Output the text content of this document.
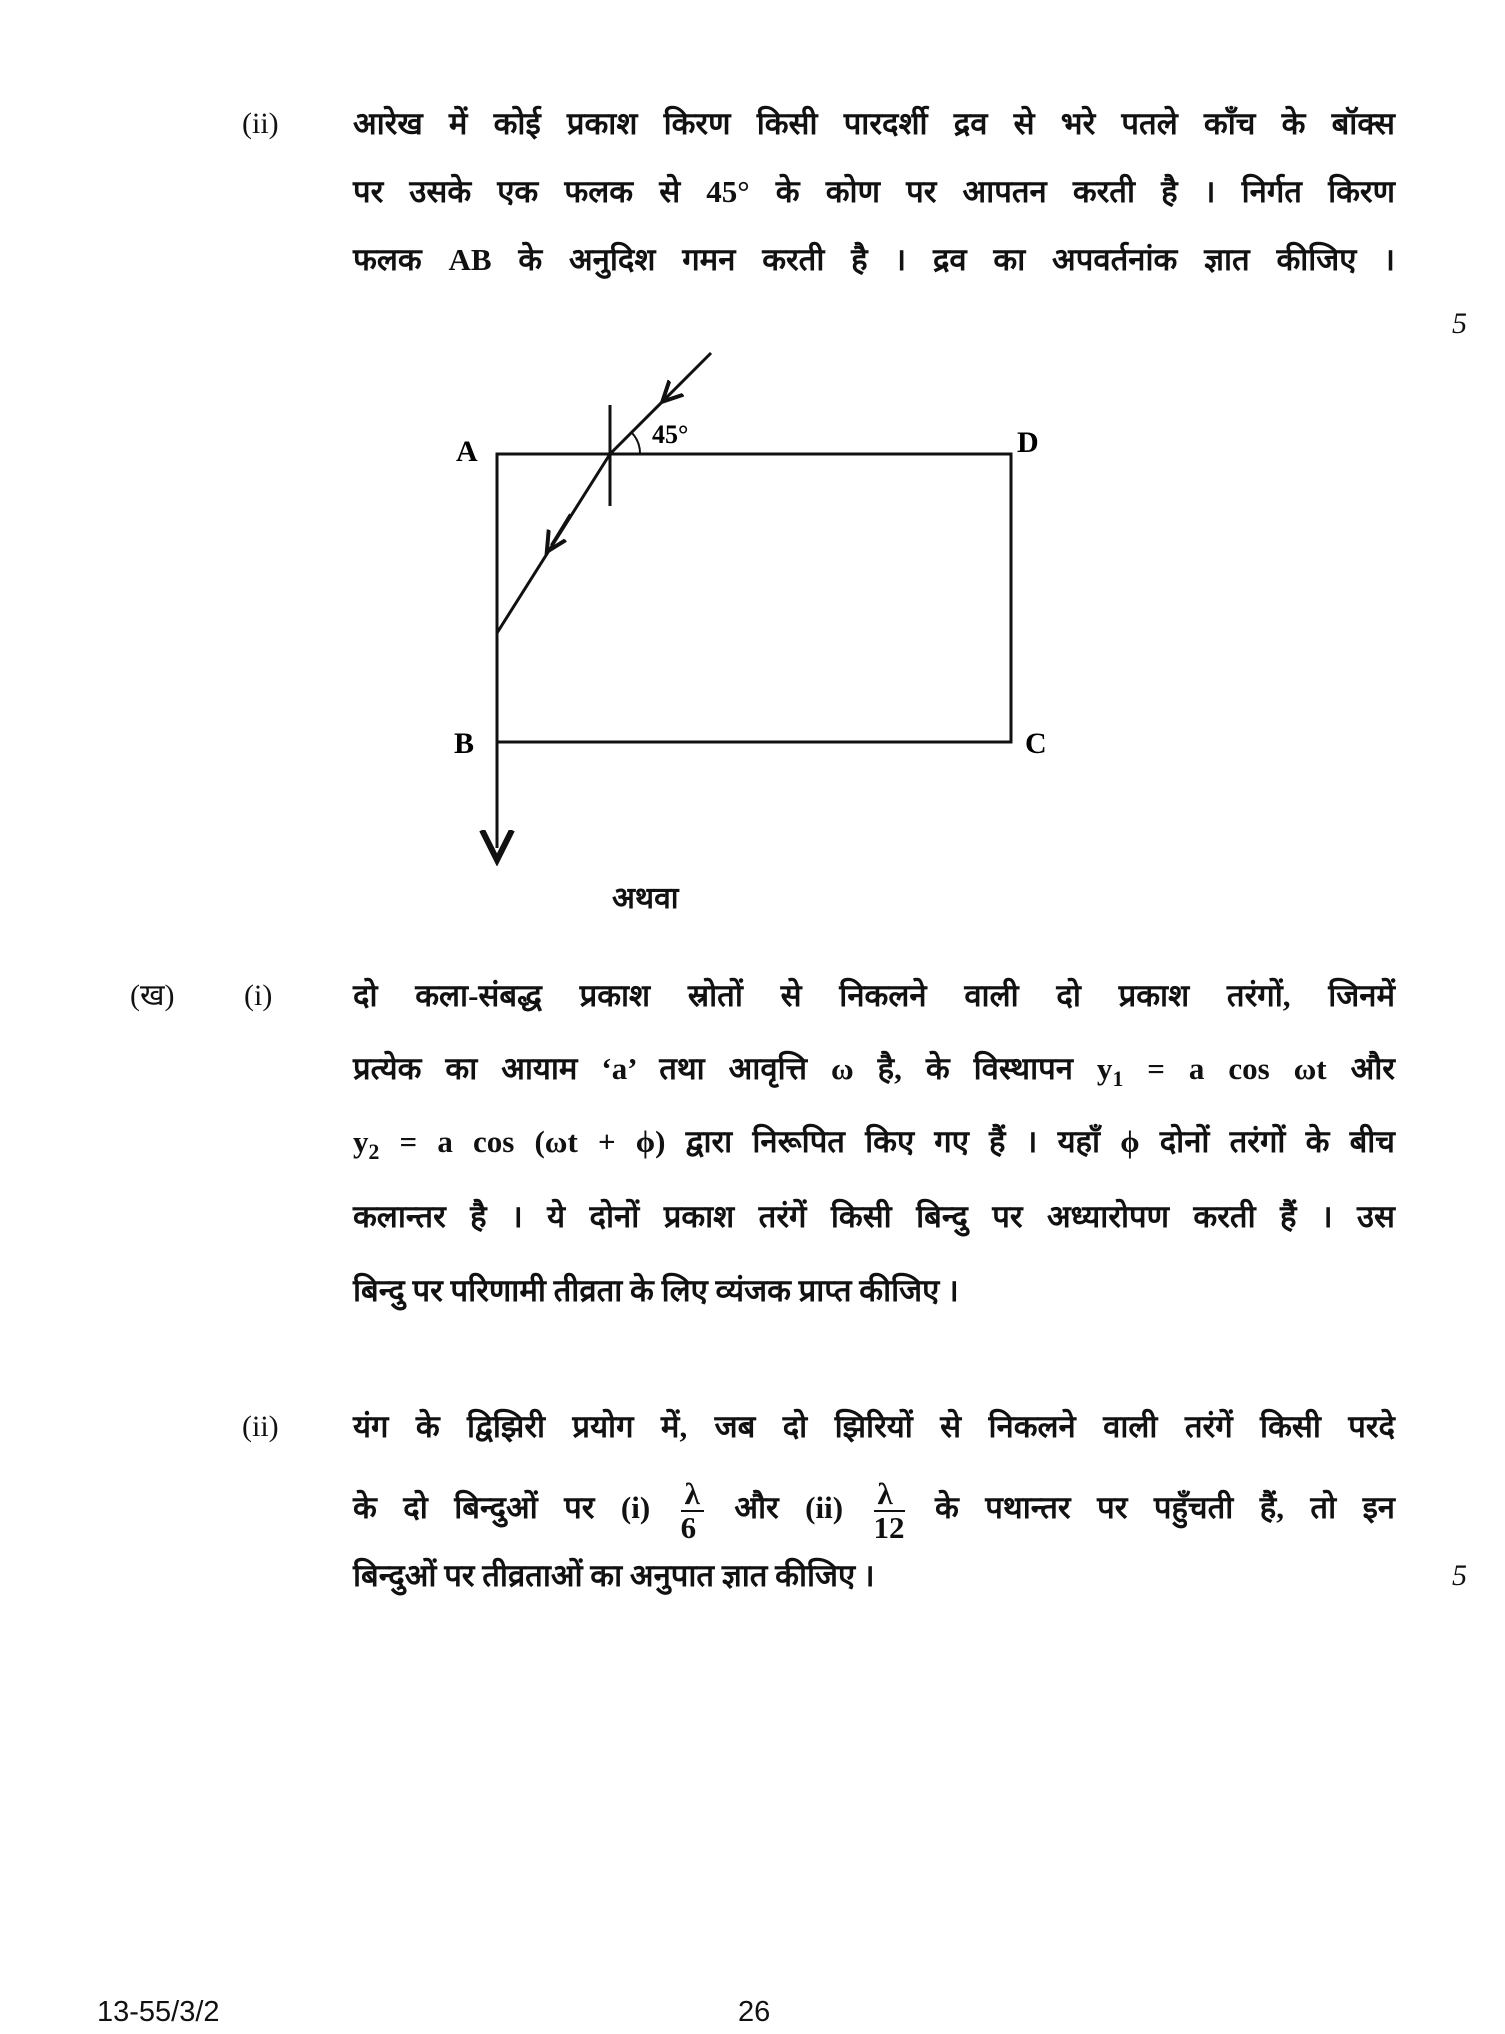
(ii) आरेख में कोई प्रकाश किरण किसी पारदर्शी द्रव से भरे पतले काँच के बॉक्स
पर उसके एक फलक से 45° के कोण पर आपतन करती है । निर्गत किरण
फलक AB के अनुदिश गमन करती है । द्रव का अपवर्तनांक ज्ञात कीजिए ।
5
A	D
B	C
45°
अथवा
(ख) (i)	दो कला-संबद्ध प्रकाश स्रोतों से निकलने वाली दो प्रकाश तरंगों, जिनमें
प्रत्येक का आयाम ‘a’ तथा आवृत्ति ω है, के विस्थापन $y_1 = a$ cos ωt और
$y_2 = a$ cos (ωt + ϕ) द्वारा निरूपित किए गए हैं । यहाँ ϕ दोनों तरंगों के बीच
कलान्तर है । ये दोनों प्रकाश तरंगें किसी बिन्दु पर अध्यारोपण करती हैं । उस
बिन्दु पर परिणामी तीव्रता के लिए व्यंजक प्राप्त कीजिए ।
(ii) यंग के द्विझिरी प्रयोग में, जब दो झिरियों से निकलने वाली तरंगें किसी परदे
के दो बिन्दुओं पर $(i) \frac{\lambda}{6}$ और $(ii) \frac{\lambda}{12}$ के पथान्तर पर पहुँचती हैं, तो इन
बिन्दुओं पर तीव्रताओं का अनुपात ज्ञात कीजिए ।	5
13-55/3/2	26
